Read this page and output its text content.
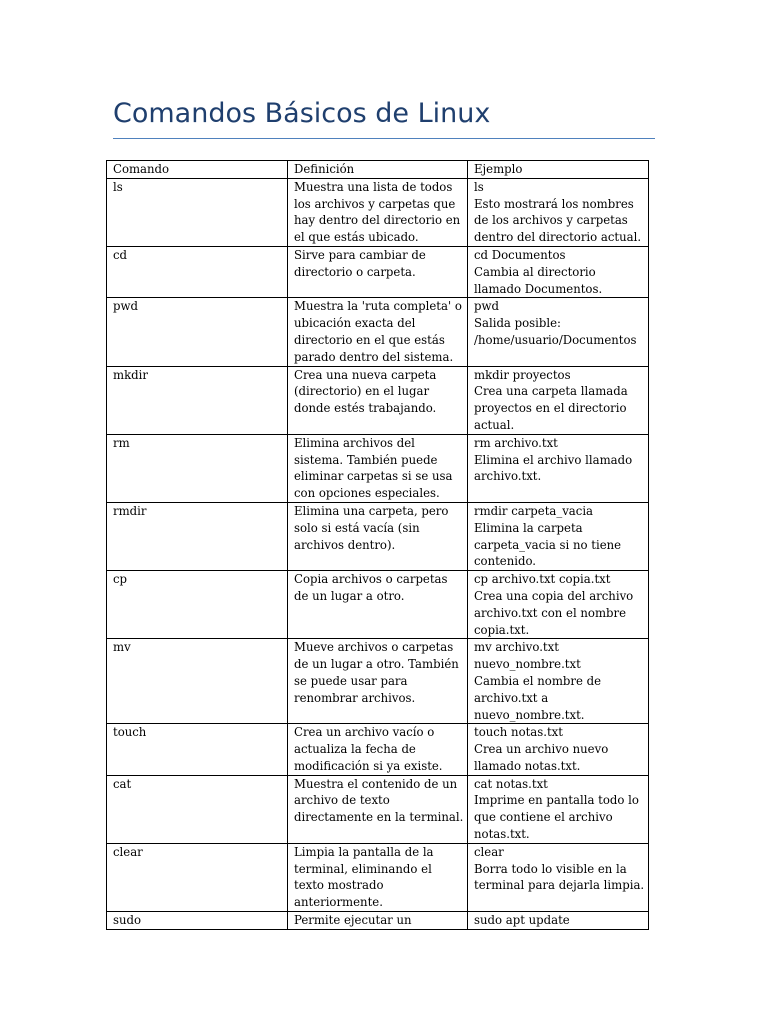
Comandos Básicos de Linux
Comando	Definición	Ejemplo
ls	Muestra una lista de todos los archivos y carpetas que hay dentro del directorio en el que estás ubicado.	ls
Esto mostrará los nombres de los archivos y carpetas dentro del directorio actual.

cd	Sirve para cambiar de directorio o carpeta.	cd Documentos
Cambia al directorio llamado Documentos.

pwd	Muestra la 'ruta completa' o ubicación exacta del directorio en el que estás parado dentro del sistema.	pwd
Salida posible:
/home/usuario/Documentos

mkdir	Crea una nueva carpeta (directorio) en el lugar donde estés trabajando.	mkdir proyectos
Crea una carpeta llamada proyectos en el directorio actual.

rm	Elimina archivos del sistema. También puede eliminar carpetas si se usa con opciones especiales.	rm archivo.txt
Elimina el archivo llamado archivo.txt.

rmdir	Elimina una carpeta, pero solo si está vacía (sin archivos dentro).	rmdir carpeta_vacia
Elimina la carpeta carpeta_vacia si no tiene contenido.

cp	Copia archivos o carpetas de un lugar a otro.	cp archivo.txt copia.txt
Crea una copia del archivo archivo.txt con el nombre copia.txt.

mv	Mueve archivos o carpetas de un lugar a otro. También se puede usar para renombrar archivos.	mv archivo.txt nuevo_nombre.txt
Cambia el nombre de archivo.txt a nuevo_nombre.txt.

touch	Crea un archivo vacío o actualiza la fecha de modificación si ya existe.	touch notas.txt
Crea un archivo nuevo llamado notas.txt.

cat	Muestra el contenido de un archivo de texto directamente en la terminal.	cat notas.txt
Imprime en pantalla todo lo que contiene el archivo notas.txt.

clear	Limpia la pantalla de la terminal, eliminando el texto mostrado anteriormente.	clear
Borra todo lo visible en la terminal para dejarla limpia.

sudo	Permite ejecutar un	sudo apt update
